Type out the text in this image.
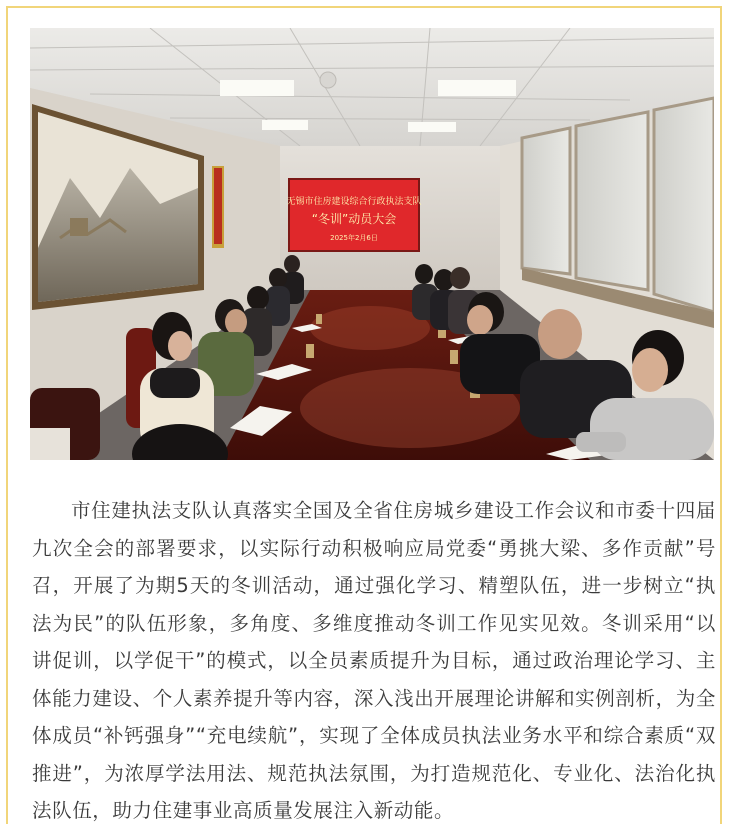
无锡市住房建设综合行政执法支队
“冬训”动员大会
2025年2月6日

市住建执法支队认真落实全国及全省住房城乡建设工作会议和市委十四届九次全会的部署要求，以实际行动积极响应局党委“勇挑大梁、多作贡献”号召，开展了为期5天的冬训活动，通过强化学习、精塑队伍，进一步树立“执法为民”的队伍形象，多角度、多维度推动冬训工作见实见效。冬训采用“以讲促训，以学促干”的模式，以全员素质提升为目标，通过政治理论学习、主体能力建设、个人素养提升等内容，深入浅出开展理论讲解和实例剖析，为全体成员“补钙强身”“充电续航”，实现了全体成员执法业务水平和综合素质“双推进”，为浓厚学法用法、规范执法氛围，为打造规范化、专业化、法治化执法队伍，助力住建事业高质量发展注入新动能。
